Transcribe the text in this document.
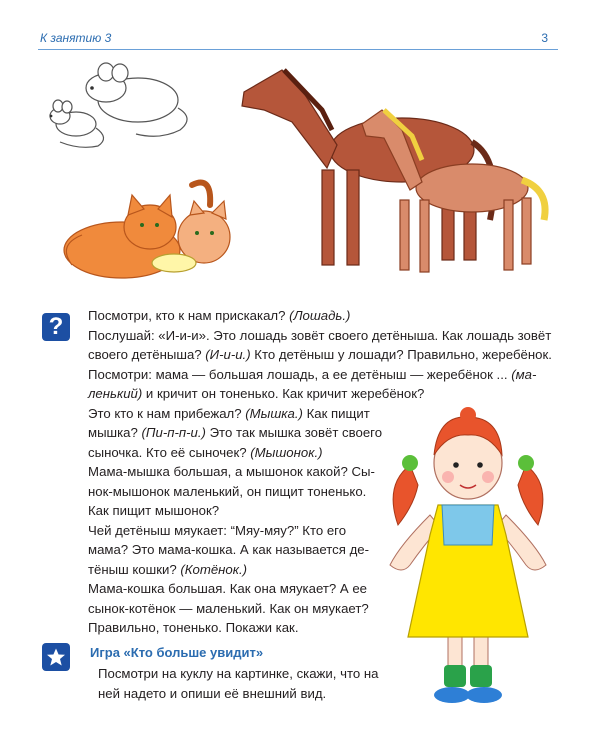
К занятию 3	3
? Посмотри, кто к нам прискакал? (Лошадь.)
Послушай: «И-и-и». Это лошадь зовёт своего детёныша. Как лошадь зовёт
своего детёныша? (И-и-и.) Кто детёныш у лошади? Правильно, жеребёнок.
Посмотри: мама — большая лошадь, а ее детёныш — жеребёнок ... (ма-
ленький) и кричит он тоненько. Как кричит жеребёнок?
Это кто к нам прибежал? (Мышка.) Как пищит
мышка? (Пи-п-п-и.) Это так мышка зовёт своего
сыночка. Кто её сыночек? (Мышонок.)
Мама-мышка большая, а мышонок какой? Сы-
нок-мышонок маленький, он пищит тоненько.
Как пищит мышонок?
Чей детёныш мяукает: “Мяу-мяу?” Кто его
мама? Это мама-кошка. А как называется де-
тёныш кошки? (Котёнок.)
Мама-кошка большая. Как она мяукает? А ее
сынок-котёнок — маленький. Как он мяукает?
Правильно, тоненько. Покажи как.
Игра «Кто больше увидит»
Посмотри на куклу на картинке, скажи, что на
ней надето и опиши её внешний вид.
